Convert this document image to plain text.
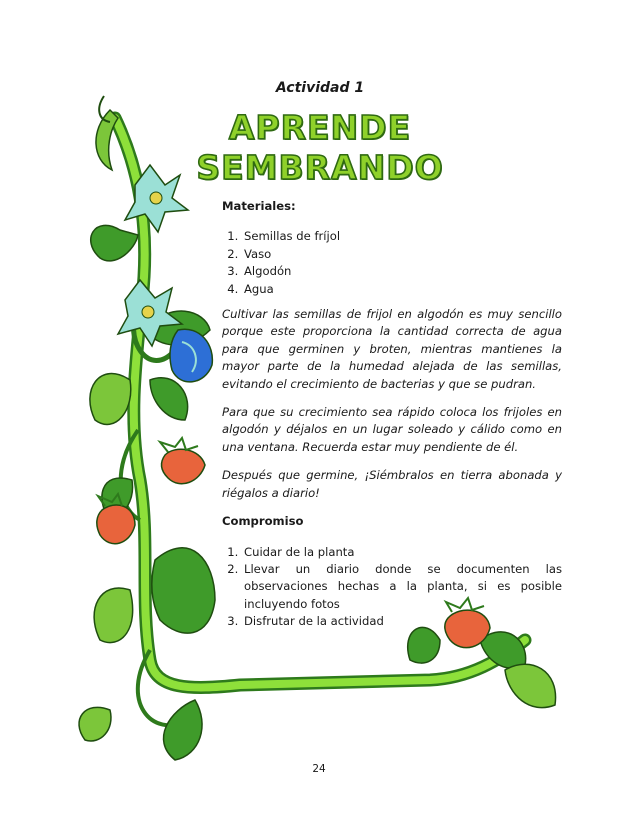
Actividad 1
APRENDE SEMBRANDO
Materiales:
1. Semillas de fríjol
2. Vaso
3. Algodón
4. Agua

Cultivar las semillas de frijol en algodón es muy sencillo porque este proporciona la cantidad correcta de agua para que germinen y broten, mientras mantienes la mayor parte de la humedad alejada de las semillas, evitando el crecimiento de bacterias y que se pudran.

Para que su crecimiento sea rápido coloca los frijoles en algodón y déjalos en un lugar soleado y cálido como en una ventana. Recuerda estar muy pendiente de él.

Después que germine, ¡Siémbralos en tierra abonada y riégalos a diario!

Compromiso
1. Cuidar de la planta
2. Llevar un diario donde se documenten las observaciones hechas a la planta, si es posible incluyendo fotos
3. Disfrutar de la actividad
24
